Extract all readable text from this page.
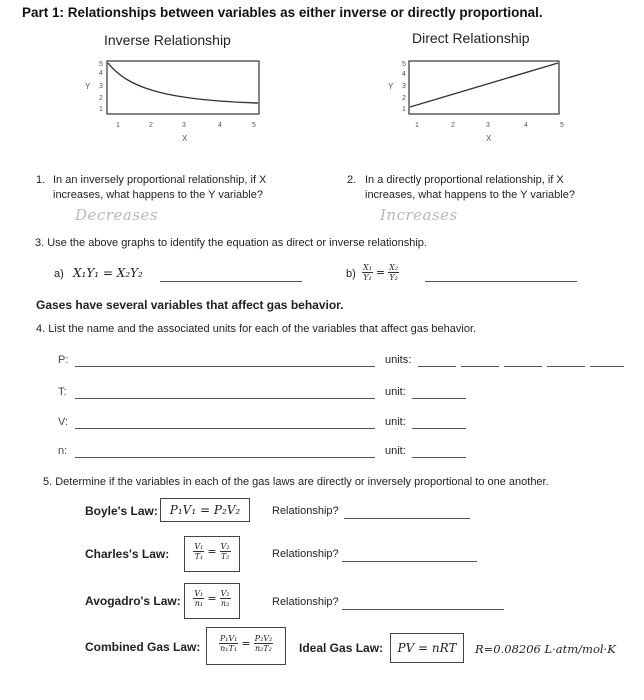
Part 1: Relationships between variables as either inverse or directly proportional.
Inverse Relationship	Direct Relationship
5
4
3
2
1
Y
1	2	3	4	5
X
5
4
3
2
1
Y
1	2	3	4	5
X
1. In an inversely proportional relationship, if X
increases, what happens to the Y variable?
Decreases
2. In a directly proportional relationship, if X
increases, what happens to the Y variable?
Increases
3. Use the above graphs to identify the equation as direct or inverse relationship.
a) X₁Y₁ = X₂Y₂	$b) \frac{\text{X₁}}{\text{Y₁}} = \frac{\text{X₂}}{\text{Y₂}}$
Gases have several variables that affect gas behavior.
4. List the name and the associated units for each of the variables that affect gas behavior.
P:	units:
T:	unit:
V:	unit:
n:	unit:
5. Determine if the variables in each of the gas laws are directly or inversely proportional to one another.
Boyle's Law: P₁V₁ = P₂V₂	Relationship?
Charles's Law:	$\frac{\text{V₁}}{\text{T₁}} = \frac{\text{V₂}}{\text{T₂}}$	Relationship?
Avogadro's Law: $\frac{\text{V₁}}{\text{n₁}} = \frac{\text{V₂}}{\text{n₂}}$	Relationship?
Combined Gas Law: $\frac{\text{P₁V₁}}{\text{n₁T₁}} = \frac{\text{P₂V₂}}{\text{n₂T₂}}$ Ideal Gas Law:	PV = nRT	R=0.08206 L·atm/mol·K
